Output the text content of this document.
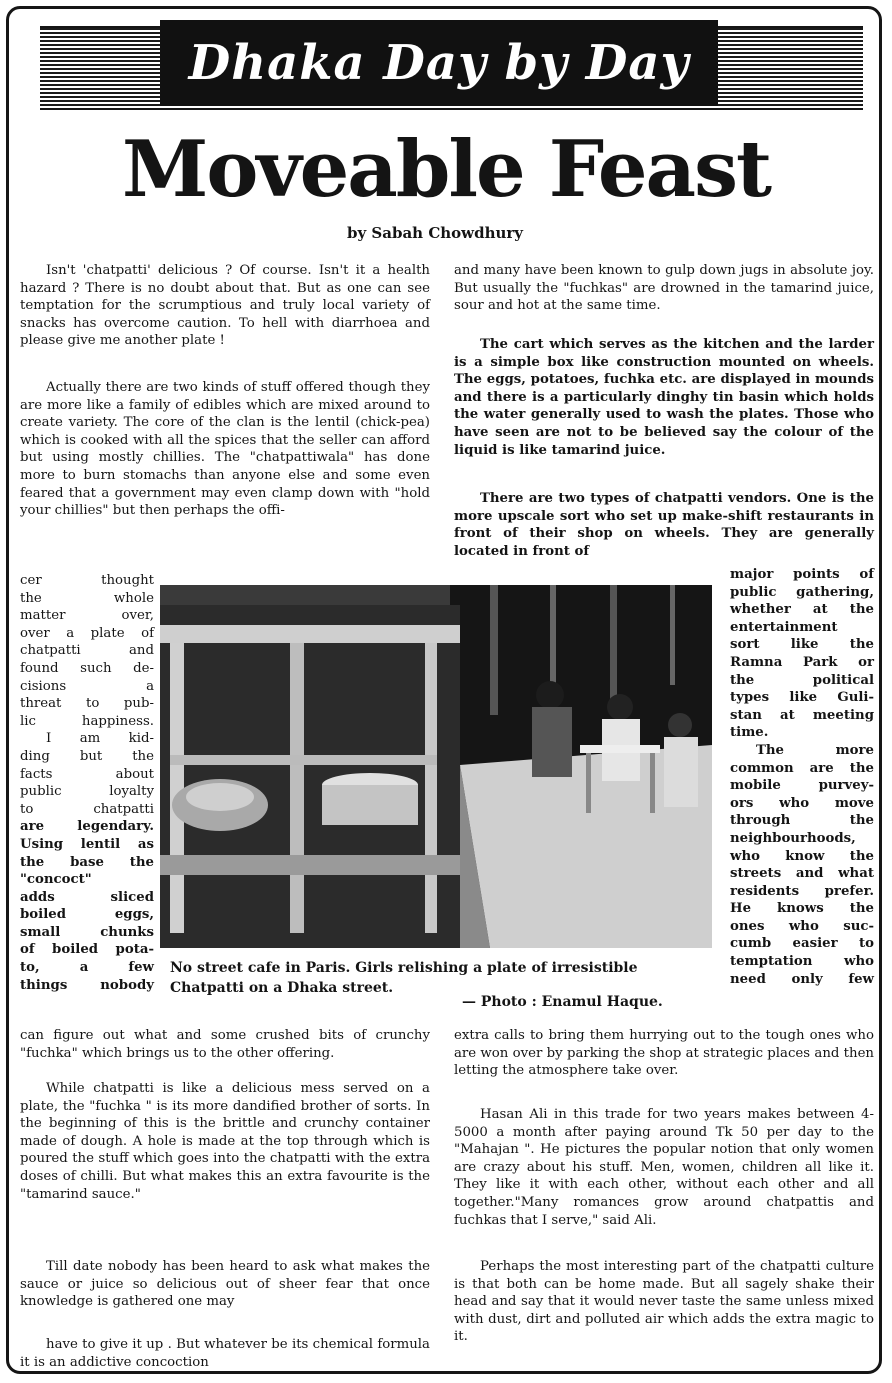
Dhaka Day by Day
Moveable Feast
by Sabah Chowdhury

Isn't 'chatpatti' delicious ? Of course. Isn't it a health hazard ? There is no doubt about that. But as one can see temptation for the scrumptious and truly local variety of snacks has overcome caution. To hell with diarrhoea and please give me another plate !

Actually there are two kinds of stuff offered though they are more like a family of edibles which are mixed around to create variety. The core of the clan is the lentil (chick-pea) which is cooked with all the spices that the seller can afford but using mostly chillies. The "chatpattiwala" has done more to burn stomachs than anyone else and some even feared that a government may even clamp down with "hold your chillies" but then perhaps the offi-

cer thought
the whole
matter over,
over a plate of
chatpatti and
found such de-
cisions a
threat to pub-
lic happiness.
I am kid-
ding but the
facts about
public loyalty
to chatpatti
are legendary.
Using lentil as
the base the
"concoct"
adds sliced
boiled eggs,
small chunks
of boiled pota-
to, a few
things nobody

can figure out what and some crushed bits of crunchy "fuchka" which brings us to the other offering.

While chatpatti is like a delicious mess served on a plate, the "fuchka " is its more dandified brother of sorts. In the beginning of this is the brittle and crunchy container made of dough. A hole is made at the top through which is poured the stuff which goes into the chatpatti with the extra doses of chilli. But what makes this an extra favourite is the "tamarind sauce."

Till date nobody has been heard to ask what makes the sauce or juice so delicious out of sheer fear that once knowledge is gathered one may

have to give it up . But whatever be its chemical formula it is an addictive concoction

and many have been known to gulp down jugs in absolute joy. But usually the "fuchkas" are drowned in the tamarind juice, sour and hot at the same time.

The cart which serves as the kitchen and the larder is a simple box like construction mounted on wheels. The eggs, potatoes, fuchka etc. are displayed in mounds and there is a particularly dinghy tin basin which holds the water generally used to wash the plates. Those who have seen are not to be believed say the colour of the liquid is like tamarind juice.

There are two types of chatpatti vendors. One is the more upscale sort who set up make-shift restaurants in front of their shop on wheels. They are generally located in front of

major points of
public gathering,
whether at the
entertainment
sort like the
Ramna Park or
the political
types like Guli-
stan at meeting
time.
The more
common are the
mobile purvey-
ors who move
through the
neighbourhoods,
who know the
streets and what
residents prefer.
He knows the
ones who suc-
cumb easier to
temptation who
need only few

extra calls to bring them hurrying out to the tough ones who are won over by parking the shop at strategic places and then letting the atmosphere take over.

Hasan Ali in this trade for two years makes between 4-5000 a month after paying around Tk 50 per day to the "Mahajan ". He pictures the popular notion that only women are crazy about his stuff. Men, women, children all like it. They like it with each other, without each other and all together."Many romances grow around chatpattis and fuchkas that I serve," said Ali.

Perhaps the most interesting part of the chatpatti culture is that both can be home made. But all sagely shake their head and say that it would never taste the same unless mixed with dust, dirt and polluted air which adds the extra magic to it.

No street cafe in Paris. Girls relishing a plate of irresistible Chatpatti on a Dhaka street.

— Photo : Enamul Haque.
